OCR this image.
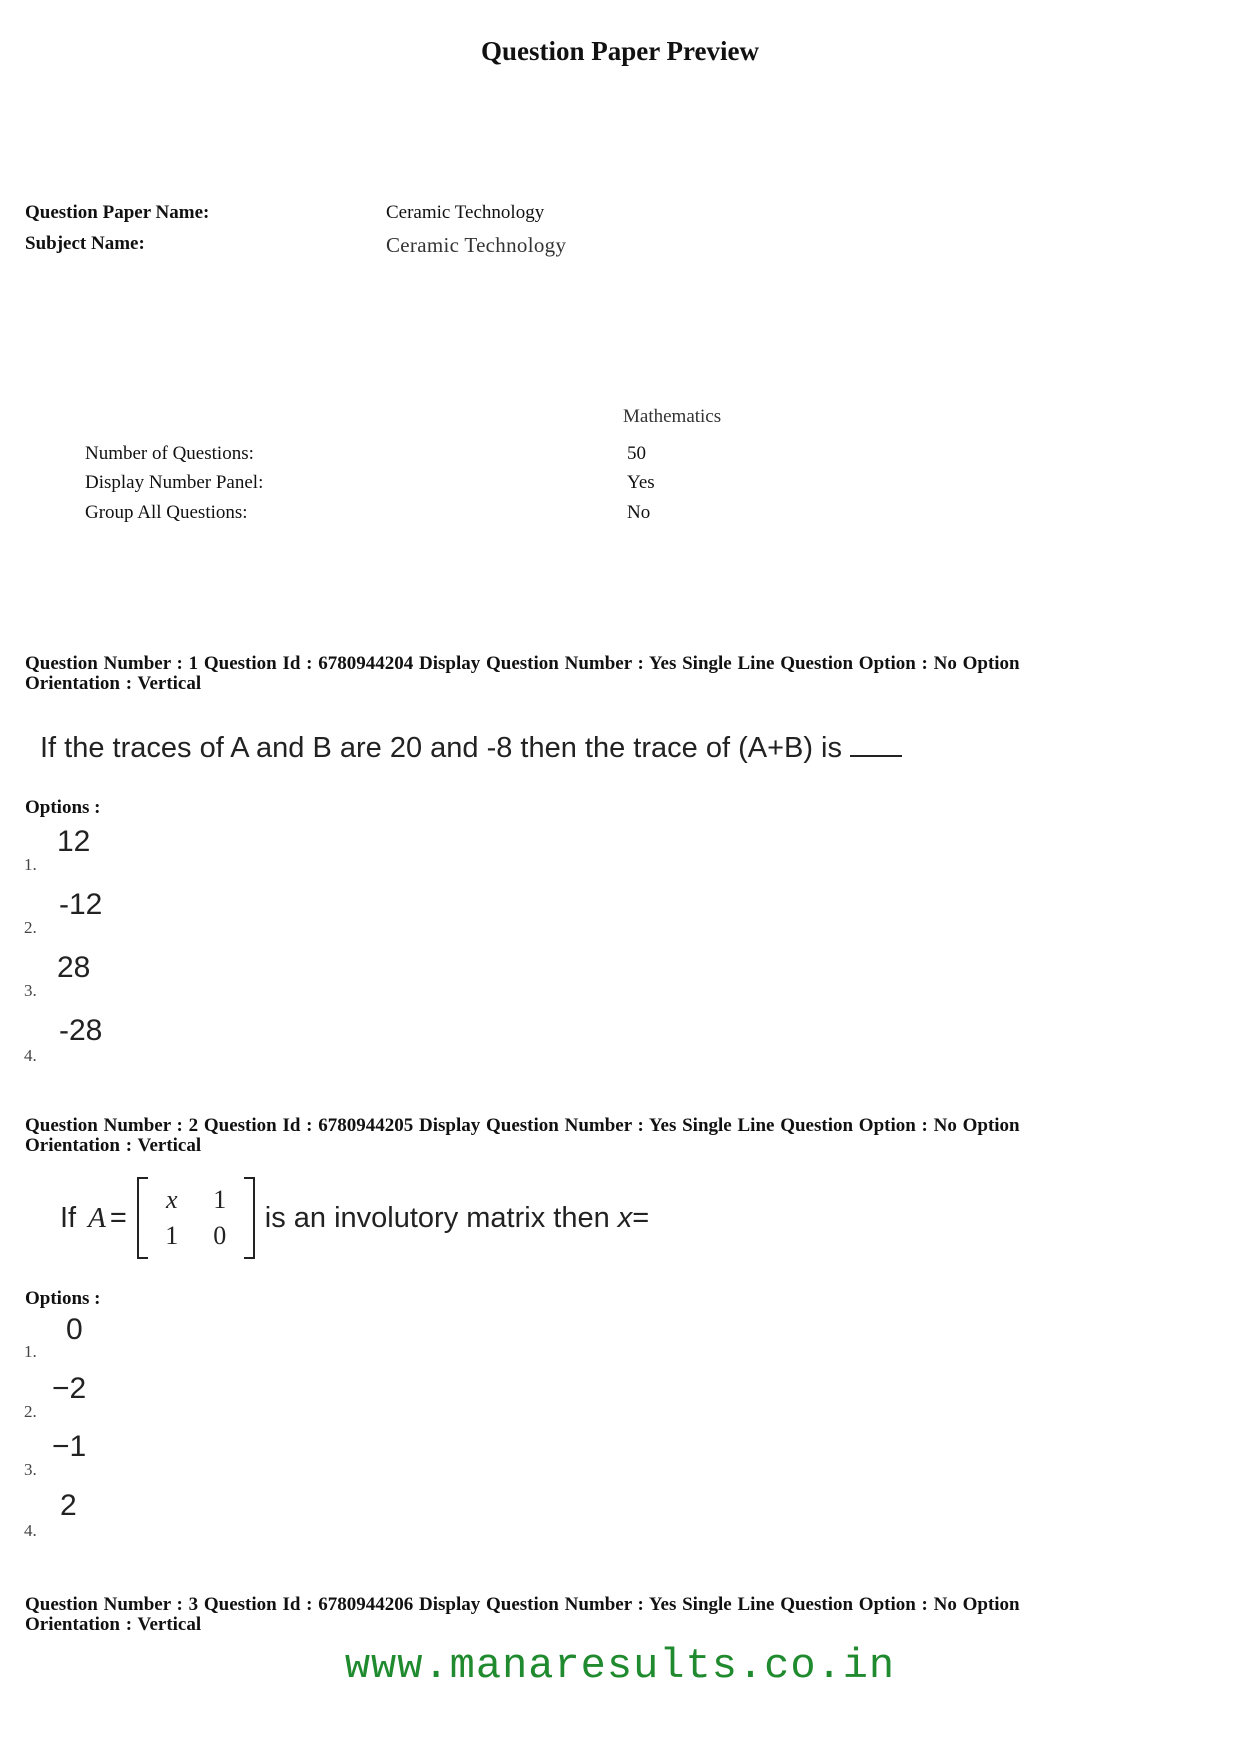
Question Paper Preview
Question Paper Name:	Ceramic Technology
Subject Name:	Ceramic Technology
Mathematics
Number of Questions:	50
Display Number Panel:	Yes
Group All Questions:	No
Question Number : 1 Question Id : 6780944204 Display Question Number : Yes Single Line Question Option : No Option
Orientation : Vertical
If the traces of A and B are 20 and -8 then the trace of (A+B) is
Options :
1.
12
2.
-12
3.
28
4.
-28
Question Number : 2 Question Id : 6780944205 Display Question Number : Yes Single Line Question Option : No Option
Orientation : Vertical
If A =
x	1
1	0
is an involutory matrix then x =
Options :
1.
0
2.
−2
3.
−1
4.
2
Question Number : 3 Question Id : 6780944206 Display Question Number : Yes Single Line Question Option : No Option
Orientation : Vertical
www.manaresults.co.in
